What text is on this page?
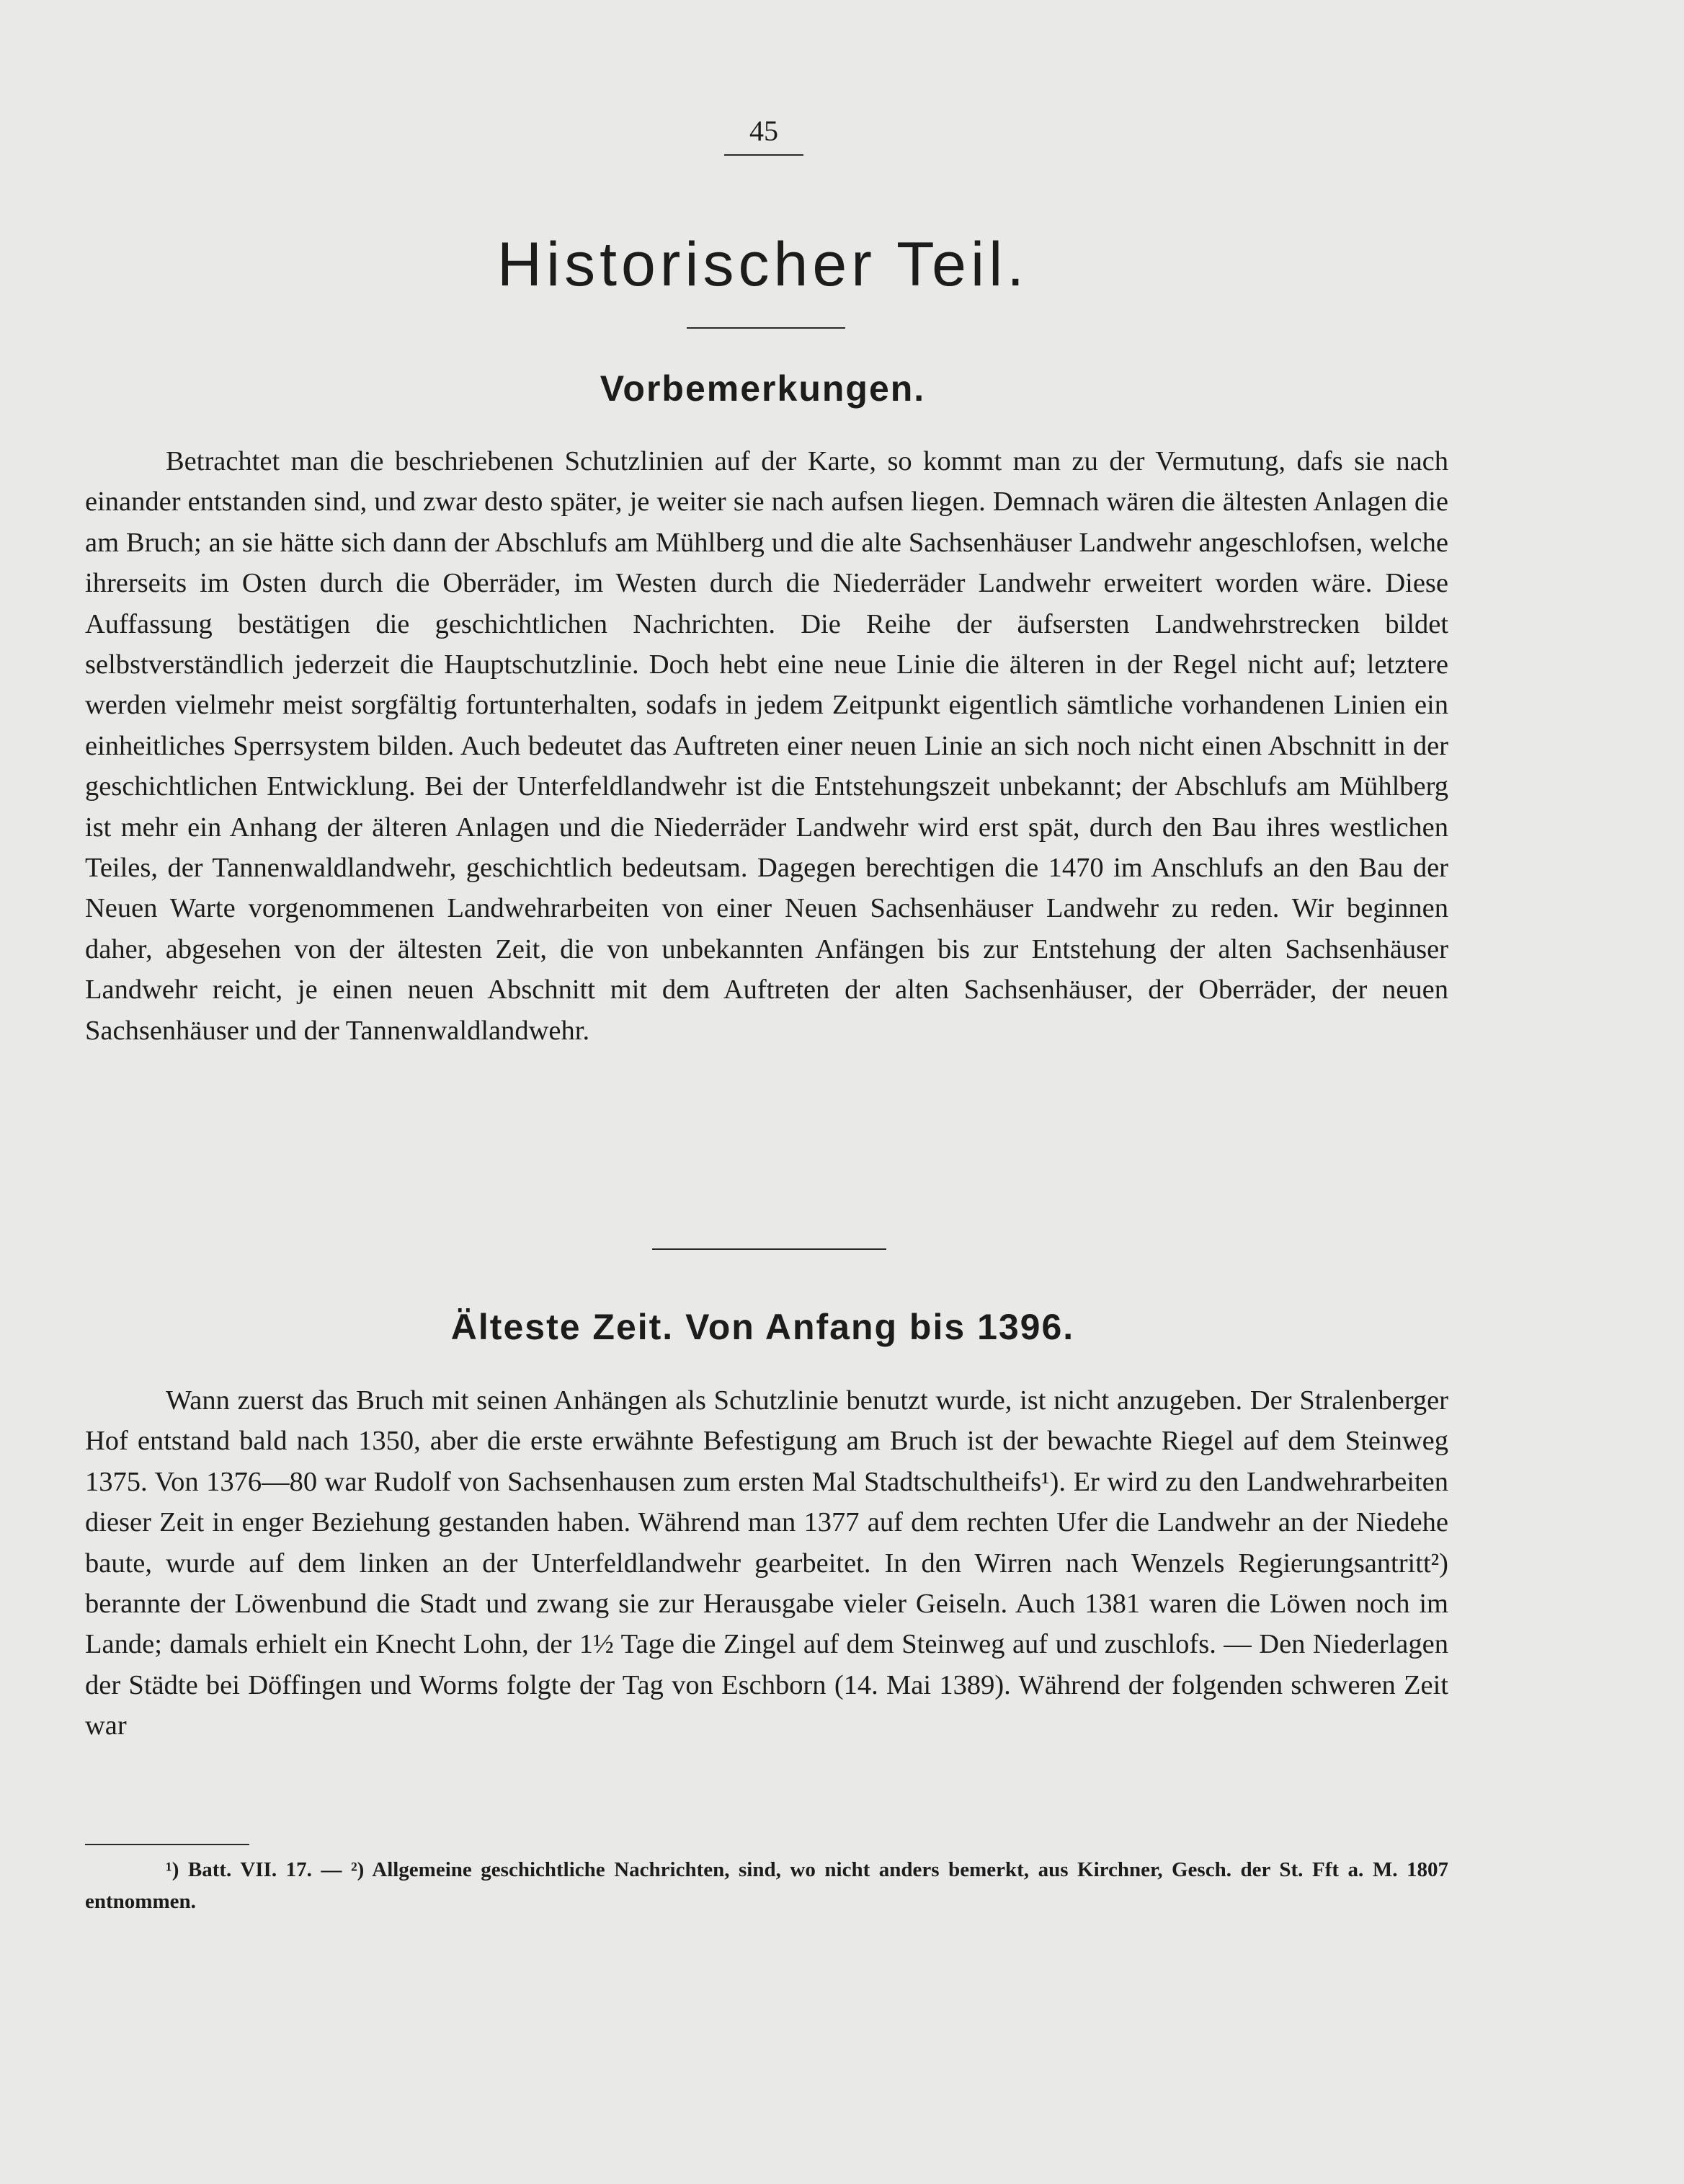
45
Historischer Teil.
Vorbemerkungen.

Betrachtet man die beschriebenen Schutzlinien auf der Karte, so kommt man zu der Vermutung, dafs sie nach einander entstanden sind, und zwar desto später, je weiter sie nach aufsen liegen. Demnach wären die ältesten Anlagen die am Bruch; an sie hätte sich dann der Abschlufs am Mühlberg und die alte Sachsenhäuser Landwehr angeschlofsen, welche ihrerseits im Osten durch die Oberräder, im Westen durch die Niederräder Landwehr erweitert worden wäre. Diese Auffassung bestätigen die geschichtlichen Nachrichten. Die Reihe der äufsersten Landwehrstrecken bildet selbstverständlich jederzeit die Hauptschutzlinie. Doch hebt eine neue Linie die älteren in der Regel nicht auf; letztere werden vielmehr meist sorgfältig fortunterhalten, sodafs in jedem Zeitpunkt eigentlich sämtliche vorhandenen Linien ein einheitliches Sperrsystem bilden. Auch bedeutet das Auftreten einer neuen Linie an sich noch nicht einen Abschnitt in der geschichtlichen Entwicklung. Bei der Unterfeldlandwehr ist die Entstehungszeit unbekannt; der Abschlufs am Mühlberg ist mehr ein Anhang der älteren Anlagen und die Niederräder Landwehr wird erst spät, durch den Bau ihres westlichen Teiles, der Tannenwaldlandwehr, geschichtlich bedeutsam. Dagegen berechtigen die 1470 im Anschlufs an den Bau der Neuen Warte vorgenommenen Landwehrarbeiten von einer Neuen Sachsenhäuser Landwehr zu reden. Wir beginnen daher, abgesehen von der ältesten Zeit, die von unbekannten Anfängen bis zur Entstehung der alten Sachsenhäuser Landwehr reicht, je einen neuen Abschnitt mit dem Auftreten der alten Sachsenhäuser, der Oberräder, der neuen Sachsenhäuser und der Tannenwaldlandwehr.

Älteste Zeit. Von Anfang bis 1396.

Wann zuerst das Bruch mit seinen Anhängen als Schutzlinie benutzt wurde, ist nicht anzugeben. Der Stralenberger Hof entstand bald nach 1350, aber die erste erwähnte Befestigung am Bruch ist der bewachte Riegel auf dem Steinweg 1375. Von 1376—80 war Rudolf von Sachsenhausen zum ersten Mal Stadtschultheifs¹). Er wird zu den Landwehrarbeiten dieser Zeit in enger Beziehung gestanden haben. Während man 1377 auf dem rechten Ufer die Landwehr an der Niedehe baute, wurde auf dem linken an der Unterfeldlandwehr gearbeitet. In den Wirren nach Wenzels Regierungsantritt²) berannte der Löwenbund die Stadt und zwang sie zur Herausgabe vieler Geiseln. Auch 1381 waren die Löwen noch im Lande; damals erhielt ein Knecht Lohn, der 1½ Tage die Zingel auf dem Steinweg auf und zuschlofs. — Den Niederlagen der Städte bei Döffingen und Worms folgte der Tag von Eschborn (14. Mai 1389). Während der folgenden schweren Zeit war

¹) Batt. VII. 17. — ²) Allgemeine geschichtliche Nachrichten, sind, wo nicht anders bemerkt, aus Kirchner, Gesch. der St. Fft a. M. 1807 entnommen.
